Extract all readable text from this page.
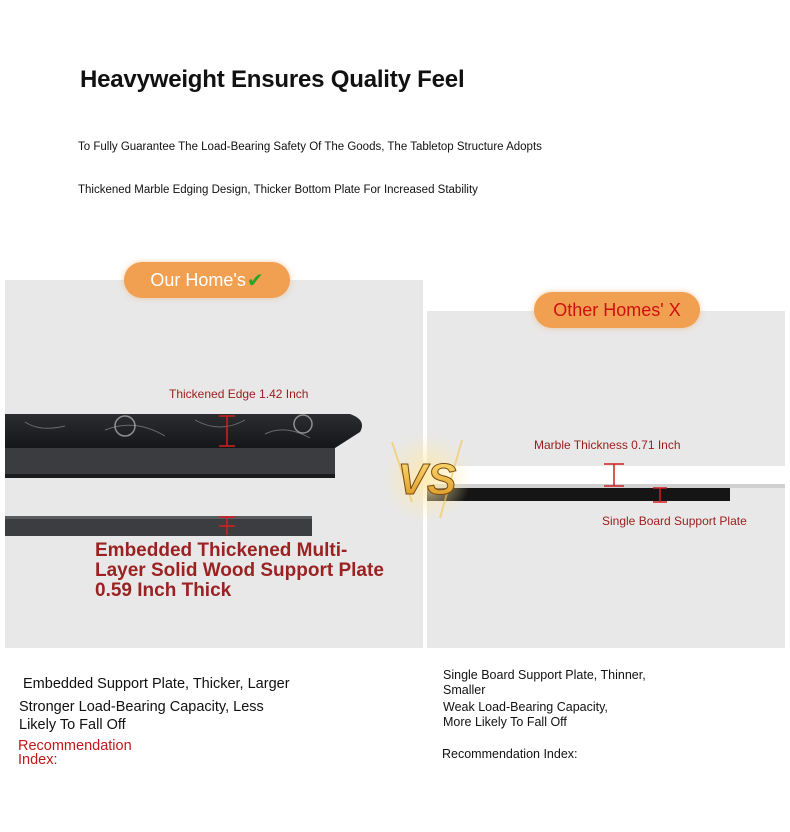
Heavyweight Ensures Quality Feel
To Fully Guarantee The Load-Bearing Safety Of The Goods, The Tabletop Structure Adopts
Thickened Marble Edging Design, Thicker Bottom Plate For Increased Stability
Thickened Edge 1.42 Inch
Embedded Thickened Multi-Layer Solid Wood Support Plate 0.59 Inch Thick
Our Home's ✔
Marble Thickness 0.71 Inch
Single Board Support Plate
Other Homes' X
VS
Embedded Support Plate, Thicker, Larger
Stronger Load-Bearing Capacity, Less
Likely To Fall Off
Recommendation Index:
Single Board Support Plate, Thinner,
Smaller
Weak Load-Bearing Capacity,
More Likely To Fall Off
Recommendation Index:
